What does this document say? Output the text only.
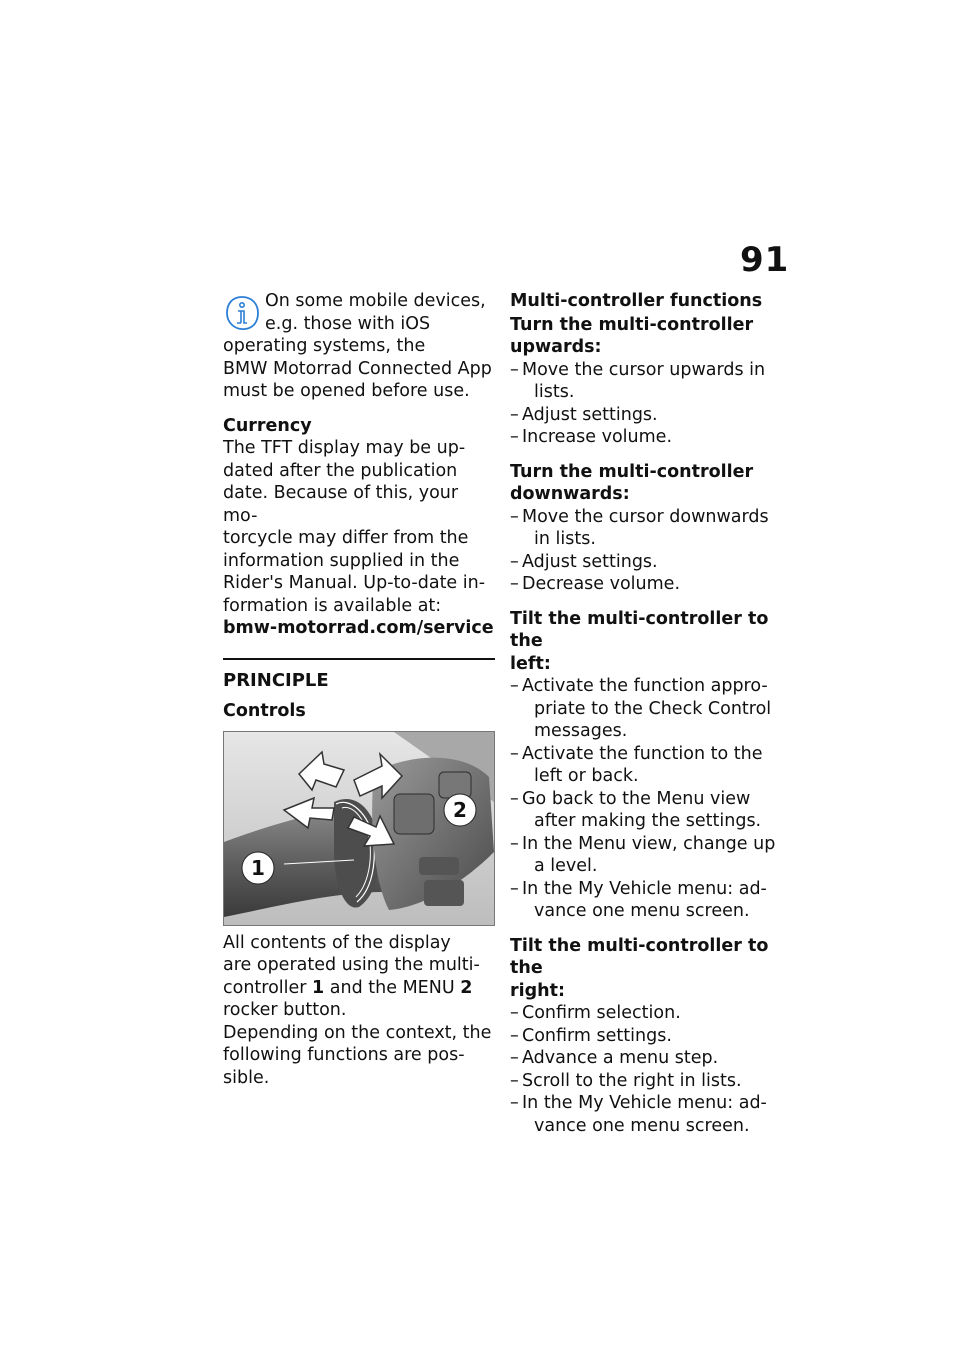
91

On some mobile devices,

e.g. those with iOS

operating systems, the

BMW Motorrad Connected App

must be opened before use.

Currency

The TFT display may be up-

dated after the publication

date. Because of this, your mo-

torcycle may differ from the

information supplied in the

Rider's Manual. Up-to-date in-

formation is available at:

bmw-motorrad.com/service

PRINCIPLE

Controls

1
2

All contents of the display

are operated using the multi-

controller 1 and the MENU 2

rocker button.

Depending on the context, the

following functions are pos-

sible.

Multi-controller functions

Turn the multi-controller

upwards:

– Move the cursor upwards in
lists.
– Adjust settings.
– Increase volume.

Turn the multi-controller

downwards:

– Move the cursor downwards
in lists.
– Adjust settings.
– Decrease volume.

Tilt the multi-controller to the

left:

– Activate the function appro-
priate to the Check Control
messages.
– Activate the function to the
left or back.
– Go back to the Menu view
after making the settings.
– In the Menu view, change up
a level.
– In the My Vehicle menu: ad-
vance one menu screen.

Tilt the multi-controller to the

right:

– Confirm selection.
– Confirm settings.
– Advance a menu step.
– Scroll to the right in lists.
– In the My Vehicle menu: ad-
vance one menu screen.
